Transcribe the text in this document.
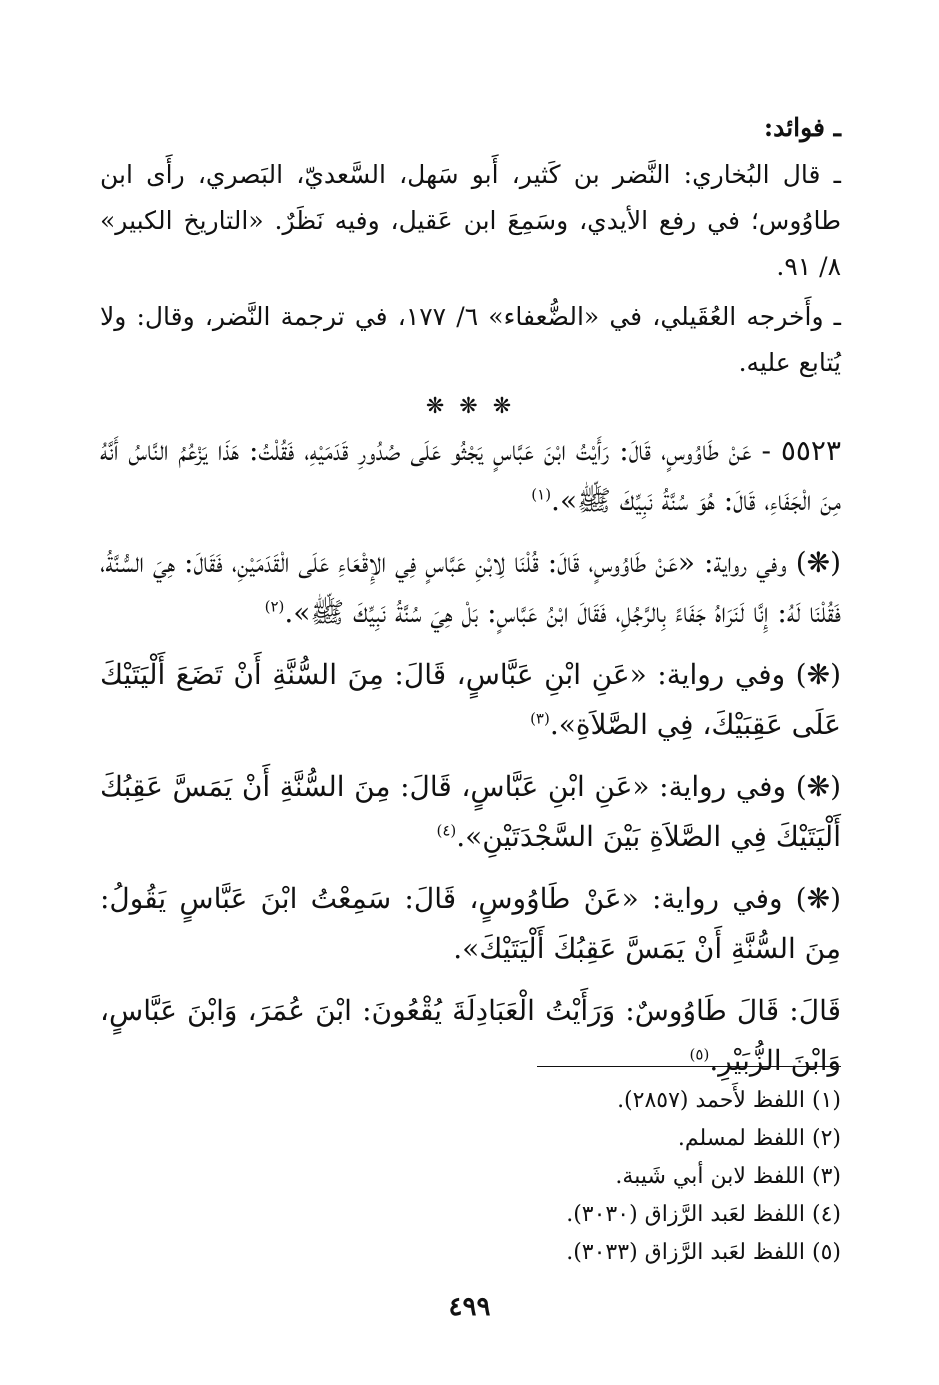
ـ فوائد:

ـ قال البُخاري: النَّضر بن كَثير، أَبو سَهل، السَّعديّ، البَصري، رأَى ابن طاوُوس؛ في رفع الأيدي، وسَمِعَ ابن عَقيل، وفيه نَظَرٌ. «التاريخ الكبير» ٨/ ٩١.

ـ وأَخرجه العُقَيلي، في «الضُّعفاء» ٦/ ١٧٧، في ترجمة النَّضر، وقال: ولا يُتابع عليه.

❋ ❋ ❋

٥٥٢٣ - عَنْ طَاوُوسٍ، قَالَ: رَأَيْتُ ابْنَ عَبَّاسٍ يَجْثُو عَلَى صُدُورِ قَدَمَيْهِ، فَقُلْتُ: هَذَا يَزْعُمُ النَّاسُ أَنَّهُ مِنَ الْجَفَاءِ، قَالَ: هُوَ سُنَّةُ نَبِيِّكَ ﷺ».$^{(١)}$

(❋) وفي رواية: «عَنْ طَاوُوسٍ، قَالَ: قُلْنَا لِابْنِ عَبَّاسٍ فِي الإِقْعَاءِ عَلَى الْقَدَمَيْنِ، فَقَالَ: هِيَ السُّنَّةُ، فَقُلْنَا لَهُ: إِنَّا لَنَرَاهُ جَفَاءً بِالرَّجُلِ، فَقَالَ ابْنُ عَبَّاسٍ: بَلْ هِيَ سُنَّةُ نَبِيِّكَ ﷺ».$^{(٢)}$

(❋) وفي رواية: «عَنِ ابْنِ عَبَّاسٍ، قَالَ: مِنَ السُّنَّةِ أَنْ تَضَعَ أَلْيَتَيْكَ عَلَى عَقِبَيْكَ، فِي الصَّلاَةِ».$^{(٣)}$

(❋) وفي رواية: «عَنِ ابْنِ عَبَّاسٍ، قَالَ: مِنَ السُّنَّةِ أَنْ يَمَسَّ عَقِبُكَ أَلْيَتَيْكَ فِي الصَّلاَةِ بَيْنَ السَّجْدَتَيْنِ».$^{(٤)}$

(❋) وفي رواية: «عَنْ طَاوُوسٍ، قَالَ: سَمِعْتُ ابْنَ عَبَّاسٍ يَقُولُ: مِنَ السُّنَّةِ أَنْ يَمَسَّ عَقِبُكَ أَلْيَتَيْكَ».

قَالَ: قَالَ طَاوُوسٌ: وَرَأَيْتُ الْعَبَادِلَةَ يُقْعُونَ: ابْنَ عُمَرَ، وَابْنَ عَبَّاسٍ، وَابْنَ الزُّبَيْرِ.$^{(٥)}$

(١) اللفظ لأَحمد (٢٨٥٧).
(٢) اللفظ لمسلم.
(٣) اللفظ لابن أبي شَيبة.
(٤) اللفظ لعَبد الرَّزاق (٣٠٣٠).
(٥) اللفظ لعَبد الرَّزاق (٣٠٣٣).
٤٩٩
